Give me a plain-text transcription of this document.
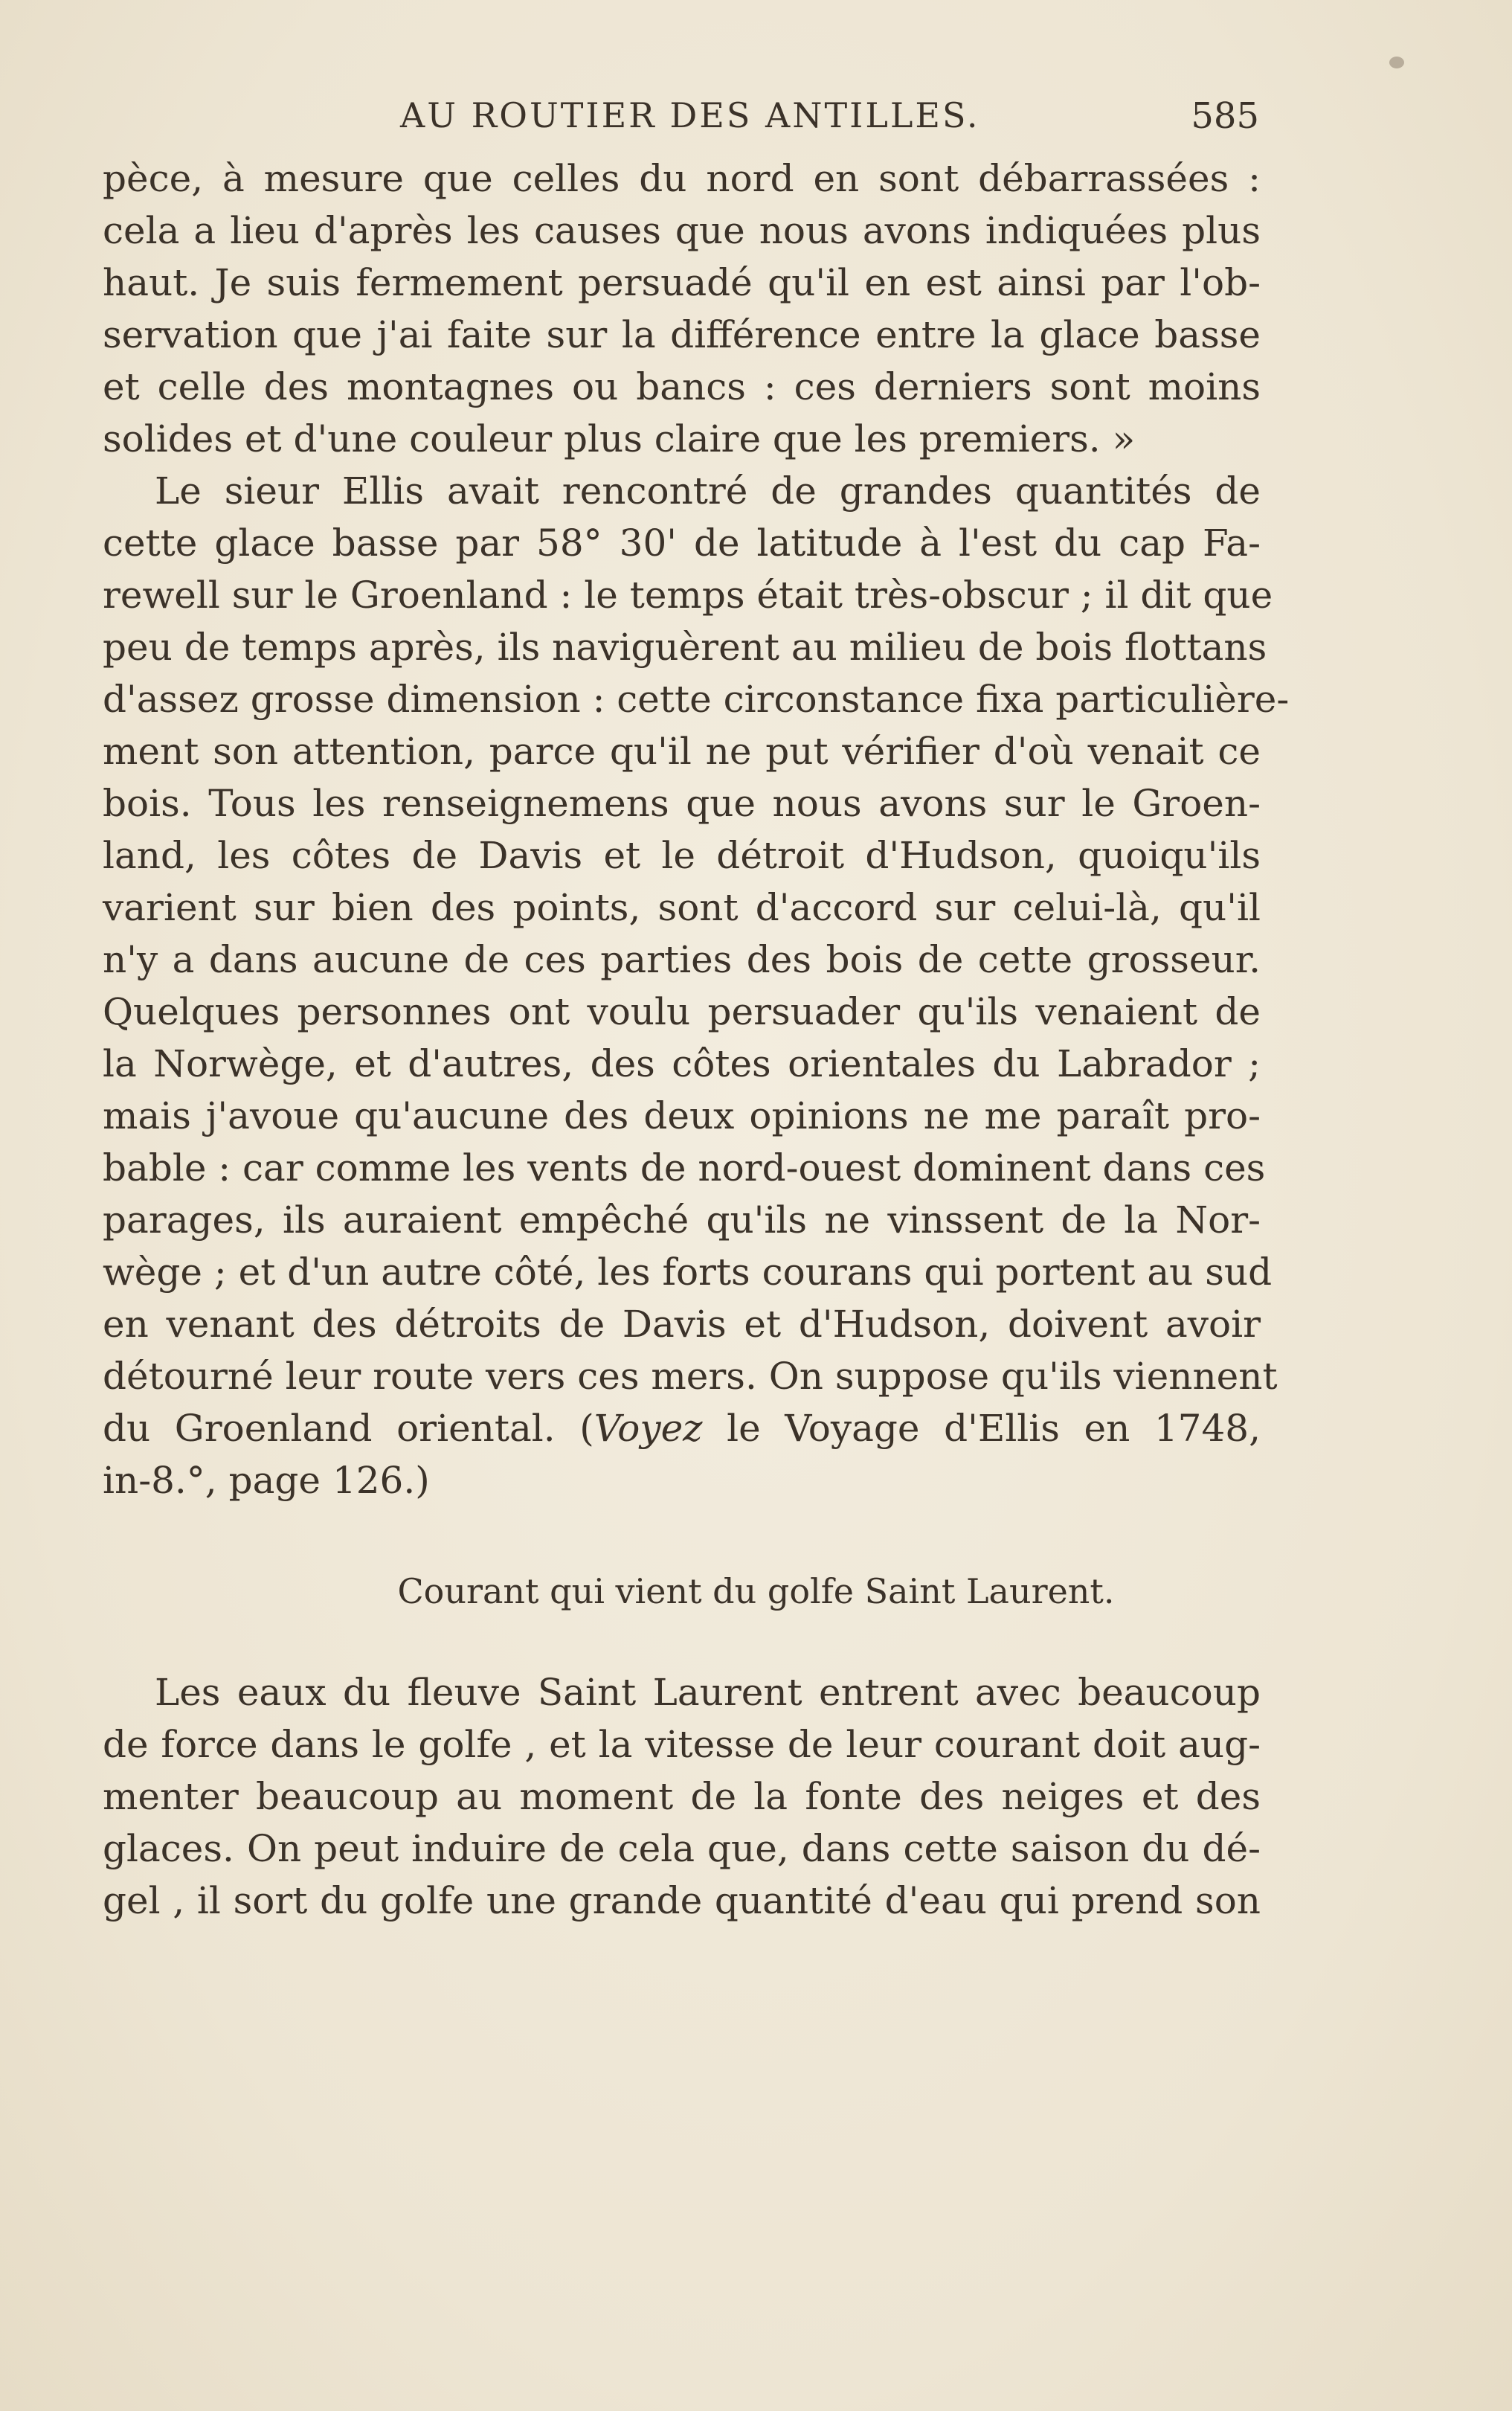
AU ROUTIER DES ANTILLES.	585

pèce, à mesure que celles du nord en sont débarrassées :

cela a lieu d'après les causes que nous avons indiquées plus

haut. Je suis fermement persuadé qu'il en est ainsi par l'ob-

servation que j'ai faite sur la différence entre la glace basse

et celle des montagnes ou bancs : ces derniers sont moins

solides et d'une couleur plus claire que les premiers. »

Le sieur Ellis avait rencontré de grandes quantités de

cette glace basse par 58° 30' de latitude à l'est du cap Fa-

rewell sur le Groenland : le temps était très-obscur ; il dit que

peu de temps après, ils naviguèrent au milieu de bois flottans

d'assez grosse dimension : cette circonstance fixa particulière-

ment son attention, parce qu'il ne put vérifier d'où venait ce

bois. Tous les renseignemens que nous avons sur le Groen-

land, les côtes de Davis et le détroit d'Hudson, quoiqu'ils

varient sur bien des points, sont d'accord sur celui-là, qu'il

n'y a dans aucune de ces parties des bois de cette grosseur.

Quelques personnes ont voulu persuader qu'ils venaient de

la Norwège, et d'autres, des côtes orientales du Labrador ;

mais j'avoue qu'aucune des deux opinions ne me paraît pro-

bable : car comme les vents de nord-ouest dominent dans ces

parages, ils auraient empêché qu'ils ne vinssent de la Nor-

wège ; et d'un autre côté, les forts courans qui portent au sud

en venant des détroits de Davis et d'Hudson, doivent avoir

détourné leur route vers ces mers. On suppose qu'ils viennent

du Groenland oriental. (Voyez le Voyage d'Ellis en 1748,

in-8.°, page 126.)

Courant qui vient du golfe Saint Laurent.

Les eaux du fleuve Saint Laurent entrent avec beaucoup

de force dans le golfe , et la vitesse de leur courant doit aug-

menter beaucoup au moment de la fonte des neiges et des

glaces. On peut induire de cela que, dans cette saison du dé-

gel , il sort du golfe une grande quantité d'eau qui prend son
